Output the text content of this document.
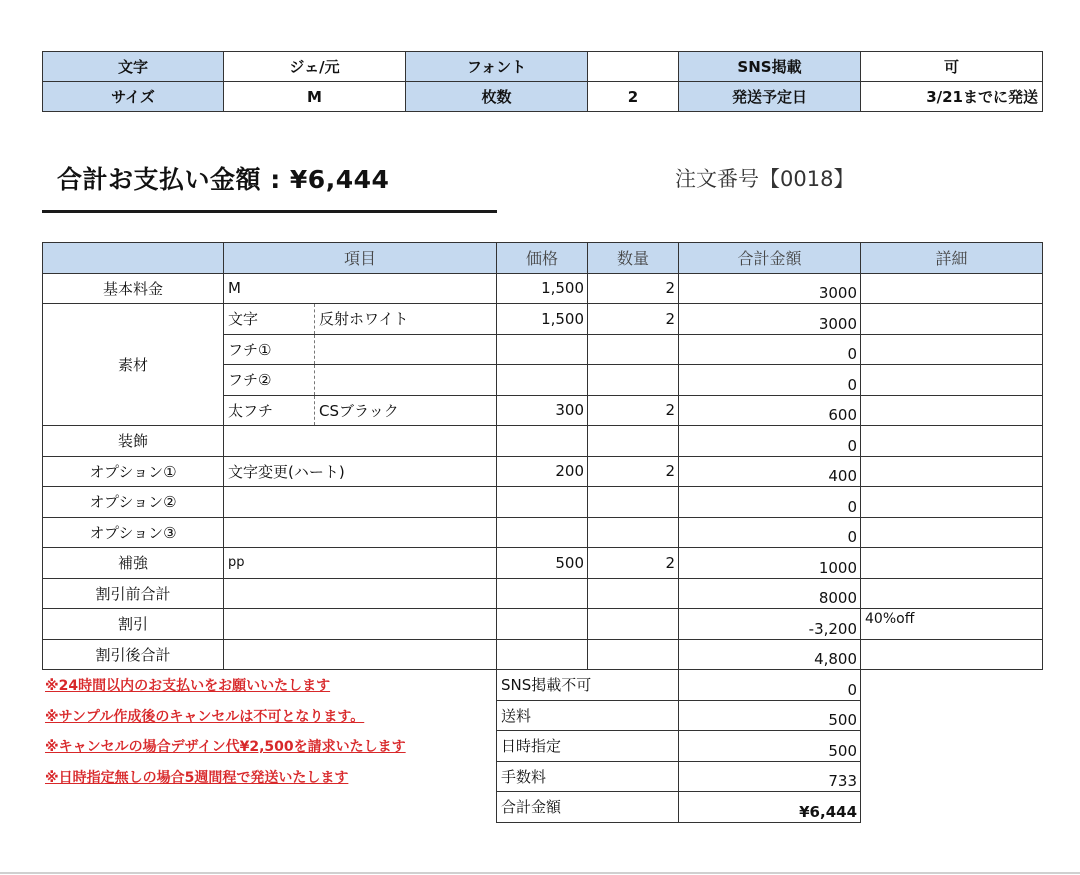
文字	ジェ/元	フォント		SNS掲載	可
サイズ	M	枚数	2	発送予定日	3/21までに発送
合計お支払い金額 : ¥6,444	注文番号【0018】
	項目		価格	数量	合計金額	詳細
基本料金	M		1,500	2	3000	
素材	文字	反射ホワイト	1,500	2	3000	
	フチ①				0	
	フチ②				0	
	太フチ	CSブラック	300	2	600	
装飾					0	
オプション①	文字変更(ハート)		200	2	400	
オプション②					0	
オプション③					0	
補強	pp		500	2	1000	
割引前合計					8000	
割引					-3,200	40%off
割引後合計					4,800	
			SNS掲載不可		0	
			送料		500	
			日時指定		500	
			手数料		733	
			合計金額		¥6,444	
※24時間以内のお支払いをお願いいたします
※サンプル作成後のキャンセルは不可となります。
※キャンセルの場合デザイン代¥2,500を請求いたします
※日時指定無しの場合5週間程で発送いたします
